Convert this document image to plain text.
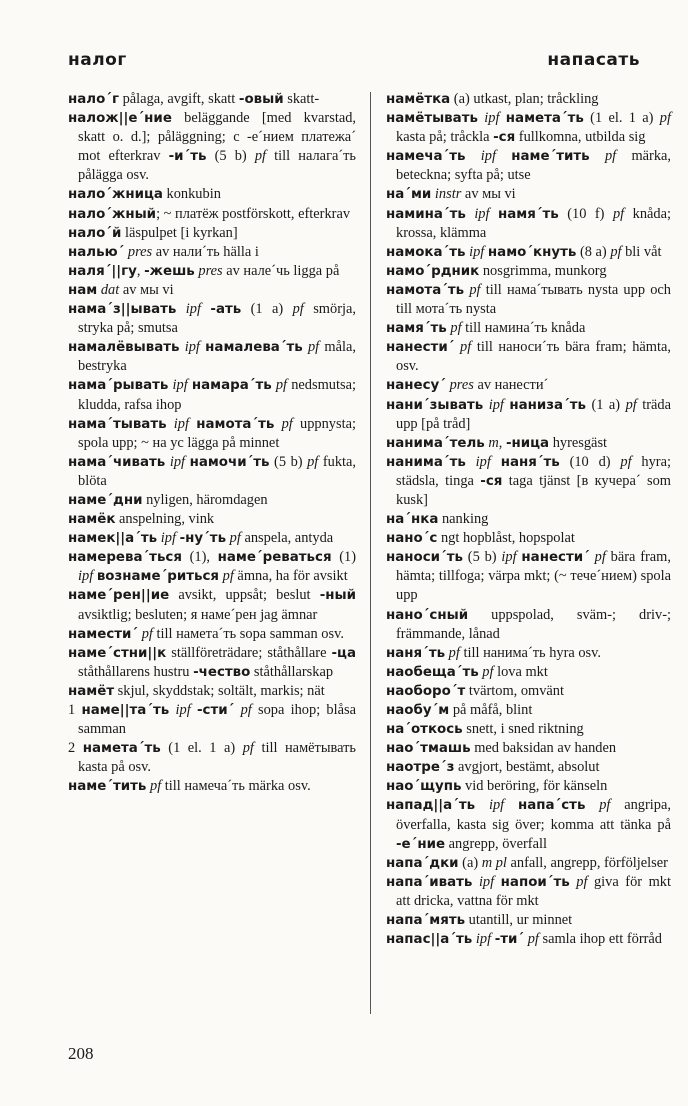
налог	напасать

нало´г pålaga, avgift, skatt -овый skatt-

налож||е´ние beläggande [med kvarstad, skatt o. d.]; påläggning; с -е´нием платежа´ mot efterkrav -и´ть (5 b) pf till налага´ть pålägga osv.

нало´жница konkubin

нало´жный; ~ платёж postförskott, efterkrav

нало´й läspulpet [i kyrkan]

налью´ pres av нали´ть hälla i

наля´||гу, -жешь pres av нале´чь ligga på

нам dat av мы vi

нама´з||ывать ipf -ать (1 a) pf smörja, stryka på; smutsa

намалёвывать ipf намалева´ть pf måla, bestryka

нама´рывать ipf намара´ть pf nedsmutsa; kludda, rafsa ihop

нама´тывать ipf намота´ть pf uppnysta; spola upp; ~ на ус lägga på minnet

нама´чивать ipf намочи´ть (5 b) pf fukta, blöta

наме´дни nyligen, häromdagen

намёк anspelning, vink

намек||а´ть ipf -ну´ть pf anspela, antyda

намерева´ться (1), наме´реваться (1) ipf вознаме´риться pf ämna, ha för avsikt

наме´рен||ие avsikt, uppsåt; beslut -ный avsiktlig; besluten; я наме´рен jag ämnar

намести´ pf till намета´ть sopa samman osv.

наме´стни||к ställföreträdare; ståthållare -ца ståthållarens hustru -чество ståthållarskap

намёт skjul, skyddstak; soltält, markis; nät

1 наме||та´ть ipf -сти´ pf sopa ihop; blåsa samman

2 намета´ть (1 el. 1 a) pf till намётывать kasta på osv.

наме´тить pf till намеча´ть märka osv.

намётка (a) utkast, plan; tråckling

намётывать ipf намета´ть (1 el. 1 a) pf kasta på; tråckla -ся fullkomna, utbilda sig

намеча´ть ipf наме´тить pf märka, beteckna; syfta på; utse

на´ми instr av мы vi

намина´ть ipf намя´ть (10 f) pf knåda; krossa, klämma

намока´ть ipf намо´кнуть (8 a) pf bli våt

намо´рдник nosgrimma, munkorg

намота´ть pf till нама´тывать nysta upp och till мота´ть nysta

намя´ть pf till намина´ть knåda

нанести´ pf till наноси´ть bära fram; hämta, osv.

нанесу´ pres av нанести´

нани´зывать ipf наниза´ть (1 a) pf träda upp [på tråd]

нанима´тель m, -ница hyresgäst

нанима´ть ipf наня´ть (10 d) pf hyra; städsla, tinga -ся taga tjänst [в кучера´ som kusk]

на´нка nanking

нано´с ngt hopblåst, hopspolat

наноси´ть (5 b) ipf нанести´ pf bära fram, hämta; tillfoga; värpa mkt; (~ тече´нием) spola upp

нано´сный uppspolad, sväm-; driv-; främmande, lånad

наня´ть pf till нанима´ть hyra osv.

наобеща´ть pf lova mkt

наоборо´т tvärtom, omvänt

наобу´м på måfå, blint

на´откось snett, i sned riktning

нао´тмашь med baksidan av handen

наотре´з avgjort, bestämt, absolut

нао´щупь vid beröring, för känseln

напад||а´ть ipf напа´сть pf angripa, överfalla, kasta sig över; komma att tänka på -е´ние angrepp, överfall

напа´дки (a) m pl anfall, angrepp, förföljelser

напа´ивать ipf напои´ть pf giva för mkt att dricka, vattna för mkt

напа´мять utantill, ur minnet

напас||а´ть ipf -ти´ pf samla ihop ett förråd

208
